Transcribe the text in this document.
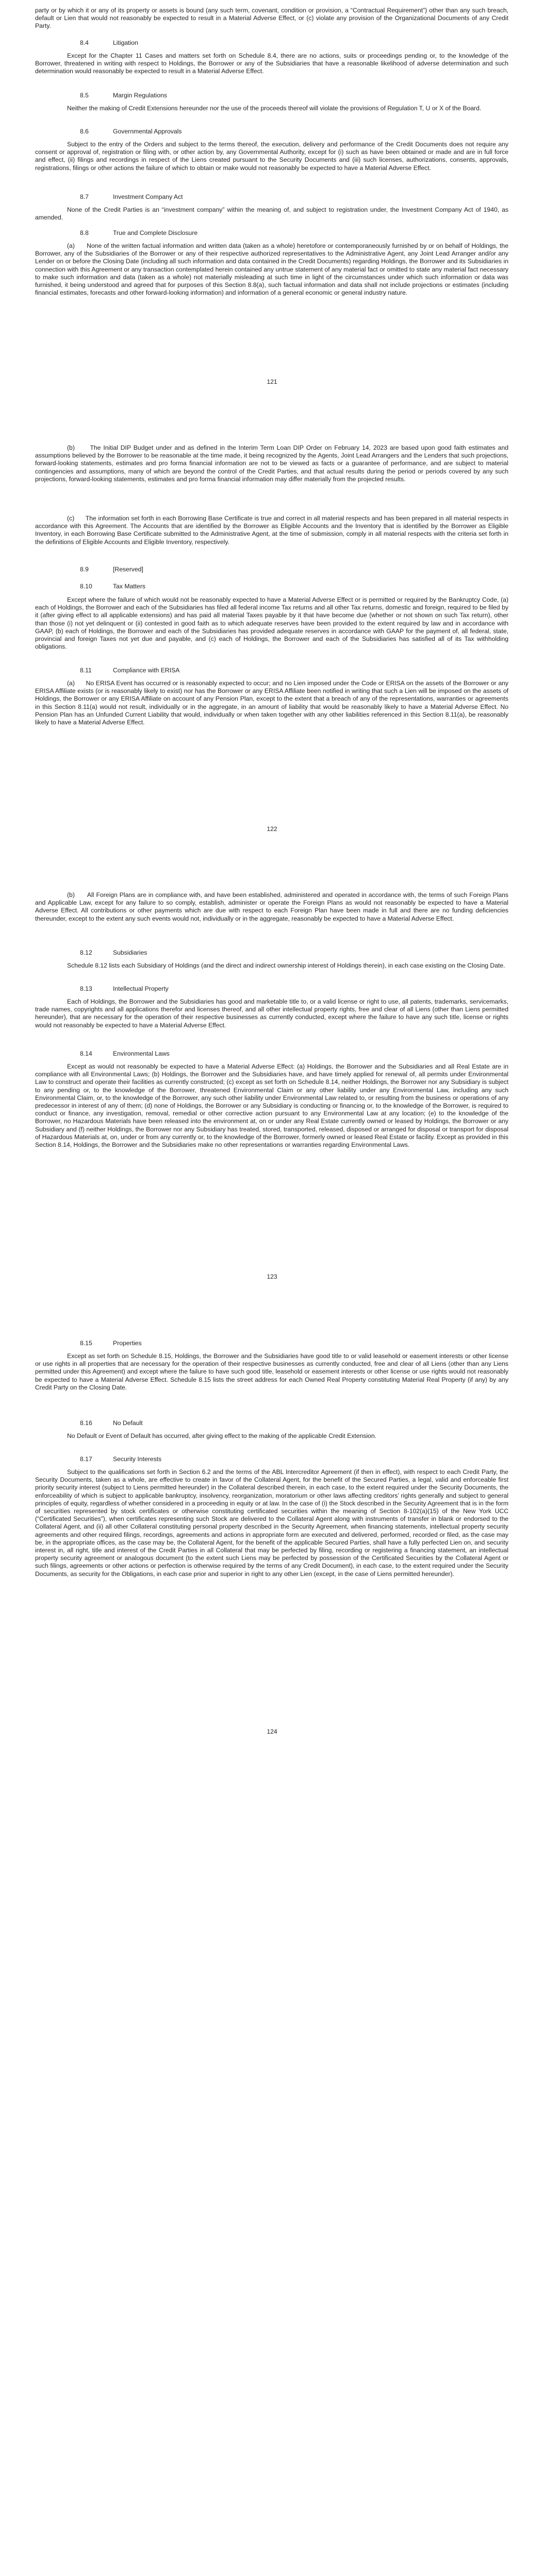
party or by which it or any of its property or assets is bound (any such term, covenant, condition or provision, a “Contractual Requirement”) other than any such breach, default or Lien that would not reasonably be expected to result in a Material Adverse Effect, or (c) violate any provision of the Organizational Documents of any Credit Party.

8.4	Litigation

Except for the Chapter 11 Cases and matters set forth on Schedule 8.4, there are no actions, suits or proceedings pending or, to the knowledge of the Borrower, threatened in writing with respect to Holdings, the Borrower or any of the Subsidiaries that have a reasonable likelihood of adverse determination and such determination would reasonably be expected to result in a Material Adverse Effect.

8.5	Margin Regulations

Neither the making of Credit Extensions hereunder nor the use of the proceeds thereof will violate the provisions of Regulation T, U or X of the Board.

8.6	Governmental Approvals

Subject to the entry of the Orders and subject to the terms thereof, the execution, delivery and performance of the Credit Documents does not require any consent or approval of, registration or filing with, or other action by, any Governmental Authority, except for (i) such as have been obtained or made and are in full force and effect, (ii) filings and recordings in respect of the Liens created pursuant to the Security Documents and (iii) such licenses, authorizations, consents, approvals, registrations, filings or other actions the failure of which to obtain or make would not reasonably be expected to have a Material Adverse Effect.

8.7	Investment Company Act

None of the Credit Parties is an “investment company” within the meaning of, and subject to registration under, the Investment Company Act of 1940, as amended.

8.8	True and Complete Disclosure

(a)      None of the written factual information and written data (taken as a whole) heretofore or contemporaneously furnished by or on behalf of Holdings, the Borrower, any of the Subsidiaries of the Borrower or any of their respective authorized representatives to the Administrative Agent, any Joint Lead Arranger and/or any Lender on or before the Closing Date (including all such information and data contained in the Credit Documents) regarding Holdings, the Borrower and its Subsidiaries in connection with this Agreement or any transaction contemplated herein contained any untrue statement of any material fact or omitted to state any material fact necessary to make such information and data (taken as a whole) not materially misleading at such time in light of the circumstances under which such information or data was furnished, it being understood and agreed that for purposes of this Section 8.8(a), such factual information and data shall not include projections or estimates (including financial estimates, forecasts and other forward-looking information) and information of a general economic or general industry nature.

121

(b)      The Initial DIP Budget under and as defined in the Interim Term Loan DIP Order on February 14, 2023 are based upon good faith estimates and assumptions believed by the Borrower to be reasonable at the time made, it being recognized by the Agents, Joint Lead Arrangers and the Lenders that such projections, forward-looking statements, estimates and pro forma financial information are not to be viewed as facts or a guarantee of performance, and are subject to material contingencies and assumptions, many of which are beyond the control of the Credit Parties, and that actual results during the period or periods covered by any such projections, forward-looking statements, estimates and pro forma financial information may differ materially from the projected results.

(c)      The information set forth in each Borrowing Base Certificate is true and correct in all material respects and has been prepared in all material respects in accordance with this Agreement. The Accounts that are identified by the Borrower as Eligible Accounts and the Inventory that is identified by the Borrower as Eligible Inventory, in each Borrowing Base Certificate submitted to the Administrative Agent, at the time of submission, comply in all material respects with the criteria set forth in the definitions of Eligible Accounts and Eligible Inventory, respectively.

8.9	[Reserved]
8.10	Tax Matters

Except where the failure of which would not be reasonably expected to have a Material Adverse Effect or is permitted or required by the Bankruptcy Code, (a) each of Holdings, the Borrower and each of the Subsidiaries has filed all federal income Tax returns and all other Tax returns, domestic and foreign, required to be filed by it (after giving effect to all applicable extensions) and has paid all material Taxes payable by it that have become due (whether or not shown on such Tax return), other than those (i) not yet delinquent or (ii) contested in good faith as to which adequate reserves have been provided to the extent required by law and in accordance with GAAP, (b) each of Holdings, the Borrower and each of the Subsidiaries has provided adequate reserves in accordance with GAAP for the payment of, all federal, state, provincial and foreign Taxes not yet due and payable, and (c) each of Holdings, the Borrower and each of the Subsidiaries has satisfied all of its Tax withholding obligations.

8.11	Compliance with ERISA

(a)      No ERISA Event has occurred or is reasonably expected to occur; and no Lien imposed under the Code or ERISA on the assets of the Borrower or any ERISA Affiliate exists (or is reasonably likely to exist) nor has the Borrower or any ERISA Affiliate been notified in writing that such a Lien will be imposed on the assets of Holdings, the Borrower or any ERISA Affiliate on account of any Pension Plan, except to the extent that a breach of any of the representations, warranties or agreements in this Section 8.11(a) would not result, individually or in the aggregate, in an amount of liability that would be reasonably likely to have a Material Adverse Effect. No Pension Plan has an Unfunded Current Liability that would, individually or when taken together with any other liabilities referenced in this Section 8.11(a), be reasonably likely to have a Material Adverse Effect.

122

(b)      All Foreign Plans are in compliance with, and have been established, administered and operated in accordance with, the terms of such Foreign Plans and Applicable Law, except for any failure to so comply, establish, administer or operate the Foreign Plans as would not reasonably be expected to have a Material Adverse Effect. All contributions or other payments which are due with respect to each Foreign Plan have been made in full and there are no funding deficiencies thereunder, except to the extent any such events would not, individually or in the aggregate, reasonably be expected to have a Material Adverse Effect.

8.12	Subsidiaries

Schedule 8.12 lists each Subsidiary of Holdings (and the direct and indirect ownership interest of Holdings therein), in each case existing on the Closing Date.

8.13	Intellectual Property

Each of Holdings, the Borrower and the Subsidiaries has good and marketable title to, or a valid license or right to use, all patents, trademarks, servicemarks, trade names, copyrights and all applications therefor and licenses thereof, and all other intellectual property rights, free and clear of all Liens (other than Liens permitted hereunder), that are necessary for the operation of their respective businesses as currently conducted, except where the failure to have any such title, license or rights would not reasonably be expected to have a Material Adverse Effect.

8.14	Environmental Laws

Except as would not reasonably be expected to have a Material Adverse Effect: (a) Holdings, the Borrower and the Subsidiaries and all Real Estate are in compliance with all Environmental Laws; (b) Holdings, the Borrower and the Subsidiaries have, and have timely applied for renewal of, all permits under Environmental Law to construct and operate their facilities as currently constructed; (c) except as set forth on Schedule 8.14, neither Holdings, the Borrower nor any Subsidiary is subject to any pending or, to the knowledge of the Borrower, threatened Environmental Claim or any other liability under any Environmental Law, including any such Environmental Claim, or, to the knowledge of the Borrower, any such other liability under Environmental Law related to, or resulting from the business or operations of any predecessor in interest of any of them; (d) none of Holdings, the Borrower or any Subsidiary is conducting or financing or, to the knowledge of the Borrower, is required to conduct or finance, any investigation, removal, remedial or other corrective action pursuant to any Environmental Law at any location; (e) to the knowledge of the Borrower, no Hazardous Materials have been released into the environment at, on or under any Real Estate currently owned or leased by Holdings, the Borrower or any Subsidiary and (f) neither Holdings, the Borrower nor any Subsidiary has treated, stored, transported, released, disposed or arranged for disposal or transport for disposal of Hazardous Materials at, on, under or from any currently or, to the knowledge of the Borrower, formerly owned or leased Real Estate or facility. Except as provided in this Section 8.14, Holdings, the Borrower and the Subsidiaries make no other representations or warranties regarding Environmental Laws.

123

8.15	Properties

Except as set forth on Schedule 8.15, Holdings, the Borrower and the Subsidiaries have good title to or valid leasehold or easement interests or other license or use rights in all properties that are necessary for the operation of their respective businesses as currently conducted, free and clear of all Liens (other than any Liens permitted under this Agreement) and except where the failure to have such good title, leasehold or easement interests or other license or use rights would not reasonably be expected to have a Material Adverse Effect. Schedule 8.15 lists the street address for each Owned Real Property constituting Material Real Property (if any) by any Credit Party on the Closing Date.

8.16	No Default

No Default or Event of Default has occurred, after giving effect to the making of the applicable Credit Extension.

8.17	Security Interests

Subject to the qualifications set forth in Section 6.2 and the terms of the ABL Intercreditor Agreement (if then in effect), with respect to each Credit Party, the Security Documents, taken as a whole, are effective to create in favor of the Collateral Agent, for the benefit of the Secured Parties, a legal, valid and enforceable first priority security interest (subject to Liens permitted hereunder) in the Collateral described therein, in each case, to the extent required under the Security Documents, the enforceability of which is subject to applicable bankruptcy, insolvency, reorganization, moratorium or other laws affecting creditors’ rights generally and subject to general principles of equity, regardless of whether considered in a proceeding in equity or at law. In the case of (i) the Stock described in the Security Agreement that is in the form of securities represented by stock certificates or otherwise constituting certificated securities within the meaning of Section 8-102(a)(15) of the New York UCC (“Certificated Securities”), when certificates representing such Stock are delivered to the Collateral Agent along with instruments of transfer in blank or endorsed to the Collateral Agent, and (ii) all other Collateral constituting personal property described in the Security Agreement, when financing statements, intellectual property security agreements and other required filings, recordings, agreements and actions in appropriate form are executed and delivered, performed, recorded or filed, as the case may be, in the appropriate offices, as the case may be, the Collateral Agent, for the benefit of the applicable Secured Parties, shall have a fully perfected Lien on, and security interest in, all right, title and interest of the Credit Parties in all Collateral that may be perfected by filing, recording or registering a financing statement, an intellectual property security agreement or analogous document (to the extent such Liens may be perfected by possession of the Certificated Securities by the Collateral Agent or such filings, agreements or other actions or perfection is otherwise required by the terms of any Credit Document), in each case, to the extent required under the Security Documents, as security for the Obligations, in each case prior and superior in right to any other Lien (except, in the case of Liens permitted hereunder).

124
